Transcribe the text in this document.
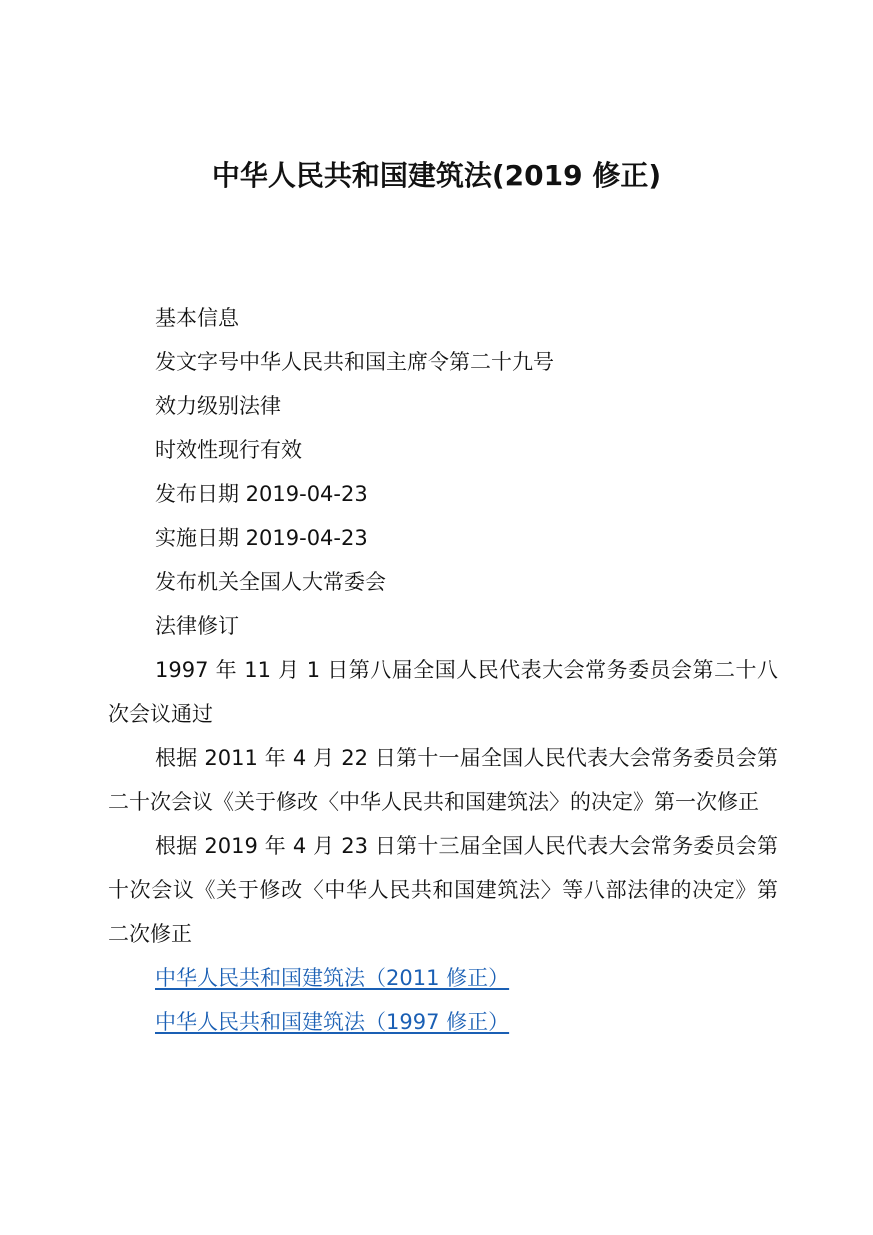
中华人民共和国建筑法(2019 修正)
基本信息
发文字号中华人民共和国主席令第二十九号
效力级别法律
时效性现行有效
发布日期 2019-04-23
实施日期 2019-04-23
发布机关全国人大常委会
法律修订
1997 年 11 月 1 日第八届全国人民代表大会常务委员会第二十八次会议通过
根据 2011 年 4 月 22 日第十一届全国人民代表大会常务委员会第二十次会议《关于修改〈中华人民共和国建筑法〉的决定》第一次修正
根据 2019 年 4 月 23 日第十三届全国人民代表大会常务委员会第十次会议《关于修改〈中华人民共和国建筑法〉等八部法律的决定》第二次修正
中华人民共和国建筑法（2011 修正）
中华人民共和国建筑法（1997 修正）
